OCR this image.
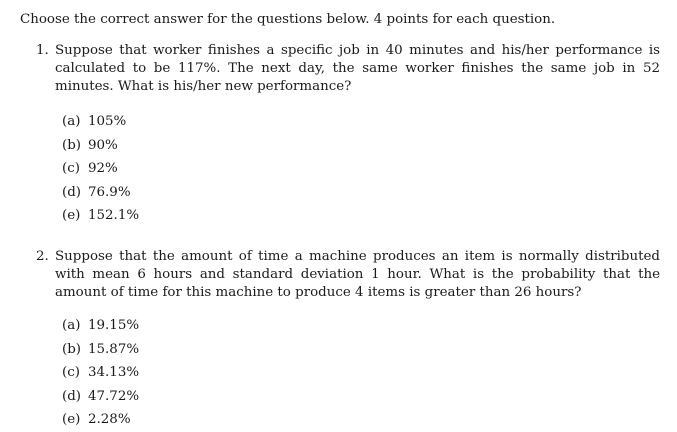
Choose the correct answer for the questions below. 4 points for each question.
1. Suppose that worker finishes a specific job in 40 minutes and his/her performance is calculated to be 117%. The next day, the same worker finishes the same job in 52 minutes. What is his/her new performance?
(a) 105%
(b) 90%
(c) 92%
(d) 76.9%
(e) 152.1%
2. Suppose that the amount of time a machine produces an item is normally distributed with mean 6 hours and standard deviation 1 hour. What is the probability that the amount of time for this machine to produce 4 items is greater than 26 hours?
(a) 19.15%
(b) 15.87%
(c) 34.13%
(d) 47.72%
(e) 2.28%
